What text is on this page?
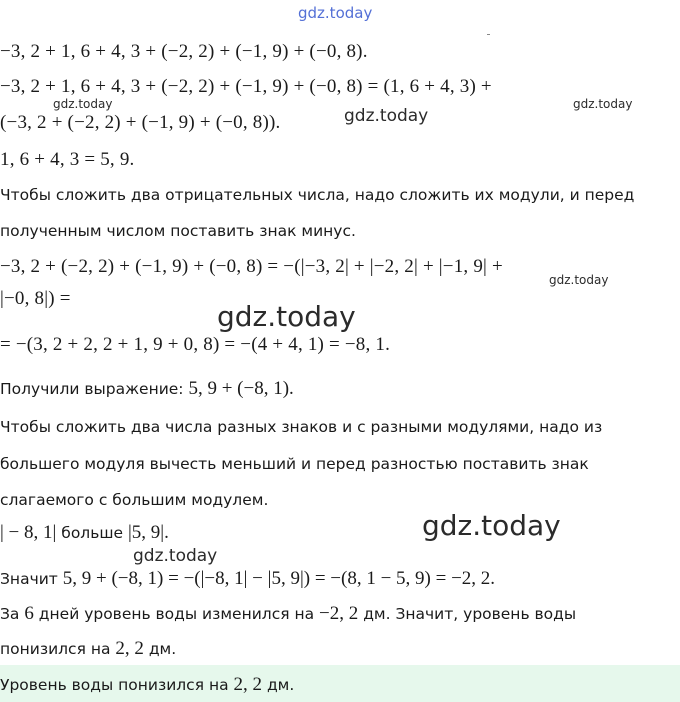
gdz.today
gdz.today	gdz.today
gdz.today
gdz.today
gdz.today
gdz.today
gdz.today
−3, 2 + 1, 6 + 4, 3 + (−2, 2) + (−1, 9) + (−0, 8).
−3, 2 + 1, 6 + 4, 3 + (−2, 2) + (−1, 9) + (−0, 8) = (1, 6 + 4, 3) +
(−3, 2 + (−2, 2) + (−1, 9) + (−0, 8)).
1, 6 + 4, 3 = 5, 9.
Чтобы сложить два отрицательных числа, надо сложить их модули, и перед
полученным числом поставить знак минус.
−3, 2 + (−2, 2) + (−1, 9) + (−0, 8) = −(|−3, 2| + |−2, 2| + |−1, 9| +
|−0, 8|) =
= −(3, 2 + 2, 2 + 1, 9 + 0, 8) = −(4 + 4, 1) = −8, 1.
Получили выражение: 5, 9 + (−8, 1).
Чтобы сложить два числа разных знаков и с разными модулями, надо из
большего модуля вычесть меньший и перед разностью поставить знак
слагаемого с большим модулем.
| − 8, 1| больше |5, 9|.
Значит 5, 9 + (−8, 1) = −(|−8, 1| − |5, 9|) = −(8, 1 − 5, 9) = −2, 2.
За 6 дней уровень воды изменился на −2, 2 дм. Значит, уровень воды
понизился на 2, 2 дм.
Уровень воды понизился на 2, 2 дм.
